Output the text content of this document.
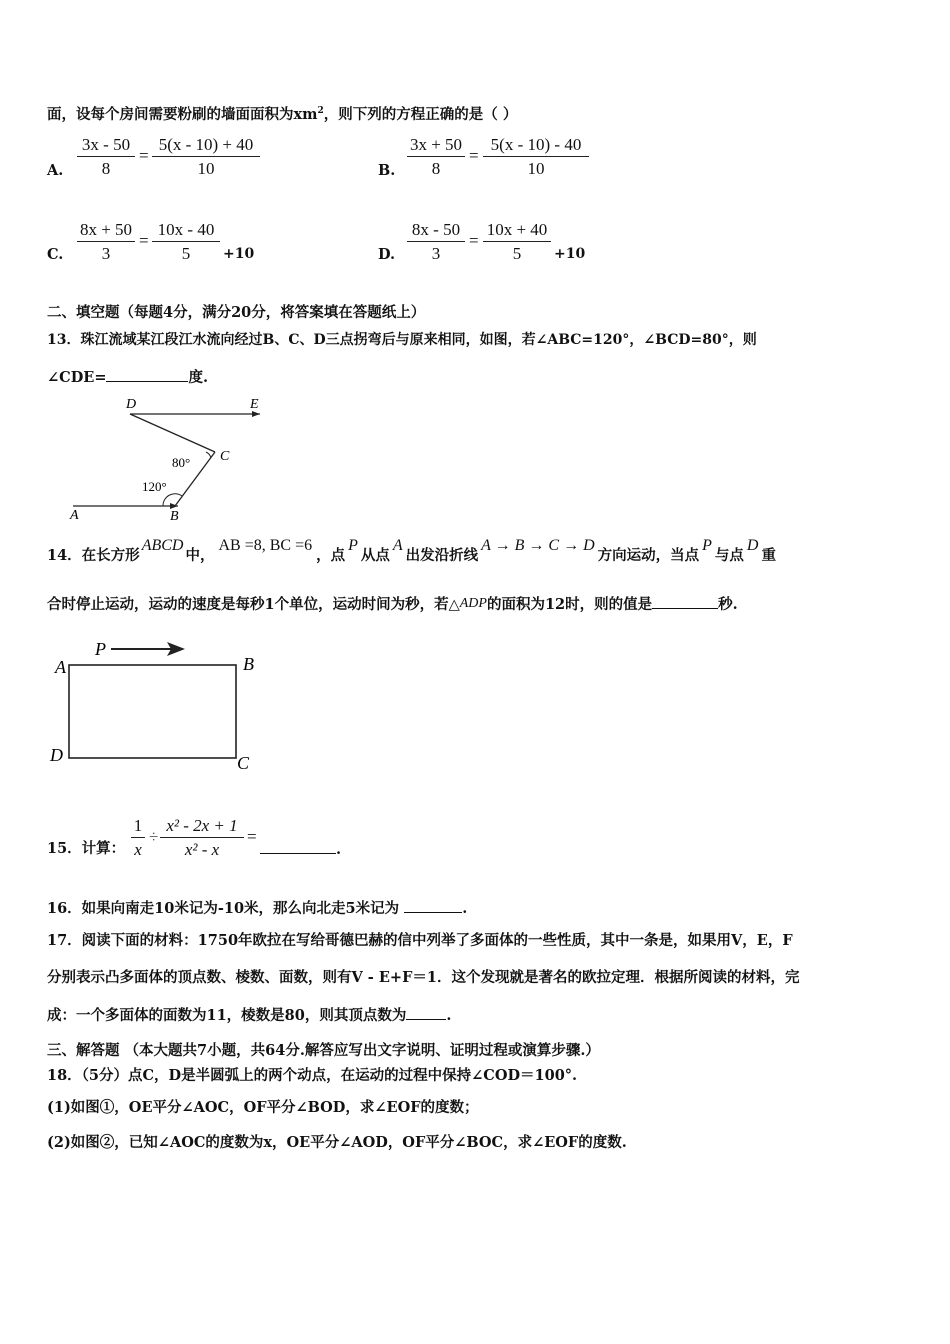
面，设每个房间需要粉刷的墙面面积为$xm^2$，则下列的方程正确的是（ ）
A. $\frac{3x - 50}{8} = \frac{5(x - 10) + 40}{10}$	B. $\frac{3x + 50}{8} = \frac{5(x - 10) - 40}{10}$
C. $\frac{8x + 50}{3} = \frac{10x - 40}{5} +10$	D. $\frac{8x - 50}{3} = \frac{10x + 40}{5} +10$
二、填空题（每题4分，满分20分，将答案填在答题纸上）
13．珠江流域某江段江水流向经过B、C、D三点拐弯后与原来相同，如图，若∠ABC=120°，∠BCD=80°，则
∠CDE=	度.
D	E
C
A	B
80°
120°
14．在长方形ABCD中，AB =8, BC =6，点P从点A出发沿折线A → B → C → D方向运动，当点P与点D重
合时停止运动，运动的速度是每秒1个单位，运动时间为秒，若△ADP的面积为12时，则的值是	秒.
P
A	B
C
D
15．计算： $\frac{1}{x} \div \frac{\text{x² - 2x + 1}}{\text{x² - x}}$ =
.
16．如果向南走10米记为-10米，那么向北走5米记为	.
17．阅读下面的材料：1750年欧拉在写给哥德巴赫的信中列举了多面体的一些性质，其中一条是，如果用V，E，F
分别表示凸多面体的顶点数、棱数、面数，则有V - E+F＝1．这个发现就是著名的欧拉定理．根据所阅读的材料，完
成：一个多面体的面数为11，棱数是80，则其顶点数为	.
三、解答题 （本大题共7小题，共64分.解答应写出文字说明、证明过程或演算步骤.）
18．（5分）点C，D是半圆弧上的两个动点，在运动的过程中保持∠COD＝100°.
(1)如图①，OE平分∠AOC，OF平分∠BOD，求∠EOF的度数；
(2)如图②，已知∠AOC的度数为x，OE平分∠AOD，OF平分∠BOC，求∠EOF的度数.
